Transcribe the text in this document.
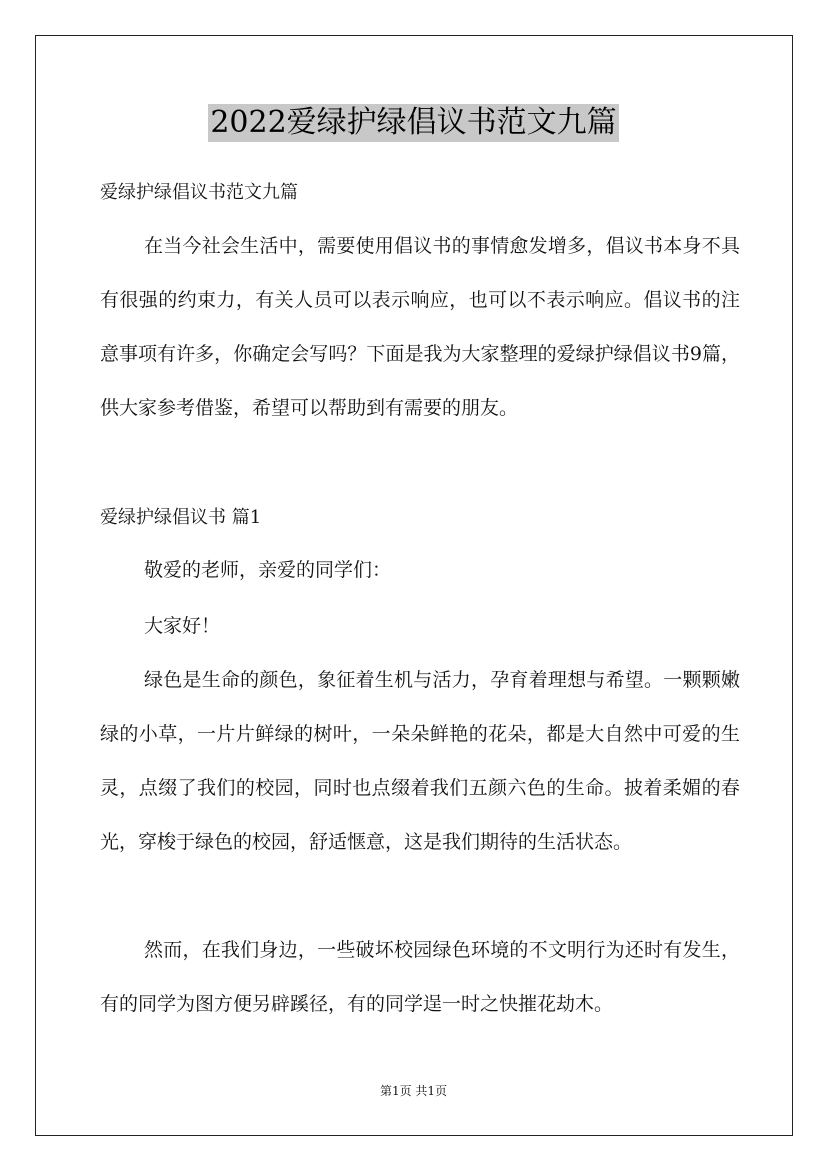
2022爱绿护绿倡议书范文九篇
爱绿护绿倡议书范文九篇

在当今社会生活中，需要使用倡议书的事情愈发增多，倡议书本身不具有很强的约束力，有关人员可以表示响应，也可以不表示响应。倡议书的注意事项有许多，你确定会写吗？下面是我为大家整理的爱绿护绿倡议书9篇，供大家参考借鉴，希望可以帮助到有需要的朋友。

爱绿护绿倡议书 篇1
敬爱的老师，亲爱的同学们：
大家好！

绿色是生命的颜色，象征着生机与活力，孕育着理想与希望。一颗颗嫩绿的小草，一片片鲜绿的树叶，一朵朵鲜艳的花朵，都是大自然中可爱的生灵，点缀了我们的校园，同时也点缀着我们五颜六色的生命。披着柔媚的春光，穿梭于绿色的校园，舒适惬意，这是我们期待的生活状态。

然而，在我们身边，一些破坏校园绿色环境的不文明行为还时有发生，有的同学为图方便另辟蹊径，有的同学逞一时之快摧花劫木。

第1页 共1页
